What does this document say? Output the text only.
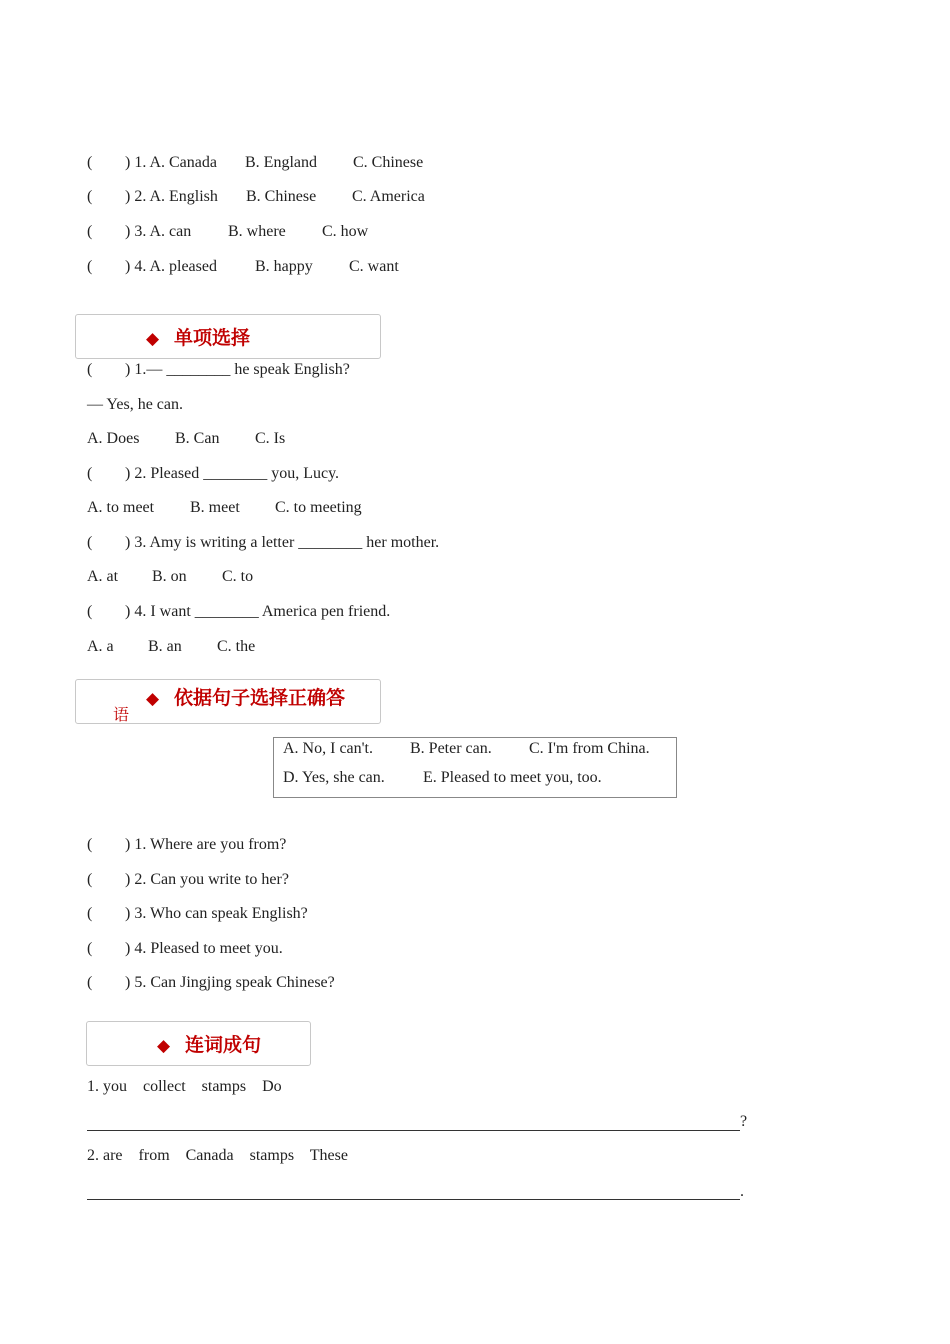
( ) 1. A. Canada B. England C. Chinese
( ) 2. A. English B. Chinese C. America
( ) 3. A. can B. where C. how
( ) 4. A. pleased B. happy C. want
◆ 单项选择
( ) 1.— ________ he speak English?
— Yes, he can.
A. Does B. Can C. Is
( ) 2. Pleased ________ you, Lucy.
A. to meet B. meet C. to meeting
( ) 3. Amy is writing a letter ________ her mother.
A. at B. on C. to
( ) 4. I want ________ America pen friend.
A. a B. an C. the
◆ 依据句子选择正确答
语
A. No, I can't. B. Peter can. C. I'm from China.
D. Yes, she can. E. Pleased to meet you, too.
( ) 1. Where are you from?
( ) 2. Can you write to her?
( ) 3. Who can speak English?
( ) 4. Pleased to meet you.
( ) 5. Can Jingjing speak Chinese?
◆ 连词成句
1. you    collect    stamps    Do
?
2. are    from    Canada    stamps    These
.
